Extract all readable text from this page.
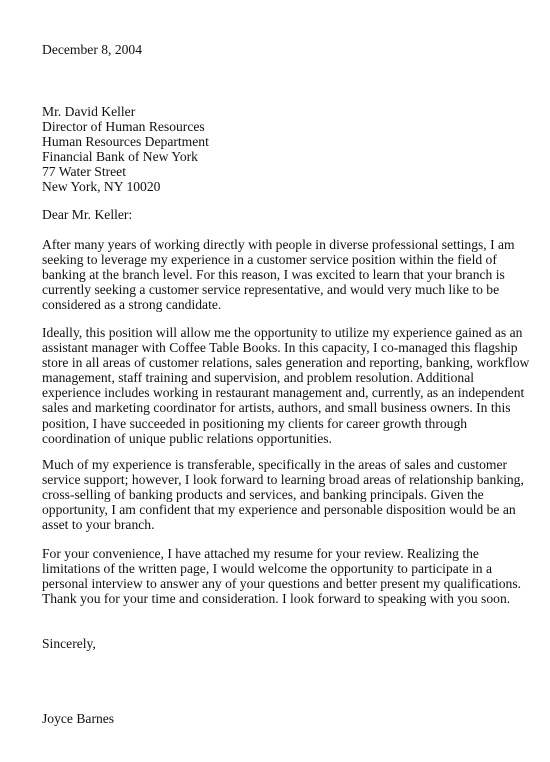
December 8, 2004

Mr. David Keller
Director of Human Resources
Human Resources Department
Financial Bank of New York
77 Water Street
New York, NY 10020

Dear Mr. Keller:

After many years of working directly with people in diverse professional settings, I am
seeking to leverage my experience in a customer service position within the field of
banking at the branch level. For this reason, I was excited to learn that your branch is
currently seeking a customer service representative, and would very much like to be
considered as a strong candidate.

Ideally, this position will allow me the opportunity to utilize my experience gained as an
assistant manager with Coffee Table Books. In this capacity, I co-managed this flagship
store in all areas of customer relations, sales generation and reporting, banking, workflow
management, staff training and supervision, and problem resolution. Additional
experience includes working in restaurant management and, currently, as an independent
sales and marketing coordinator for artists, authors, and small business owners. In this
position, I have succeeded in positioning my clients for career growth through
coordination of unique public relations opportunities.

Much of my experience is transferable, specifically in the areas of sales and customer
service support; however, I look forward to learning broad areas of relationship banking,
cross-selling of banking products and services, and banking principals. Given the
opportunity, I am confident that my experience and personable disposition would be an
asset to your branch.

For your convenience, I have attached my resume for your review. Realizing the
limitations of the written page, I would welcome the opportunity to participate in a
personal interview to answer any of your questions and better present my qualifications.
Thank you for your time and consideration. I look forward to speaking with you soon.

Sincerely,

Joyce Barnes
